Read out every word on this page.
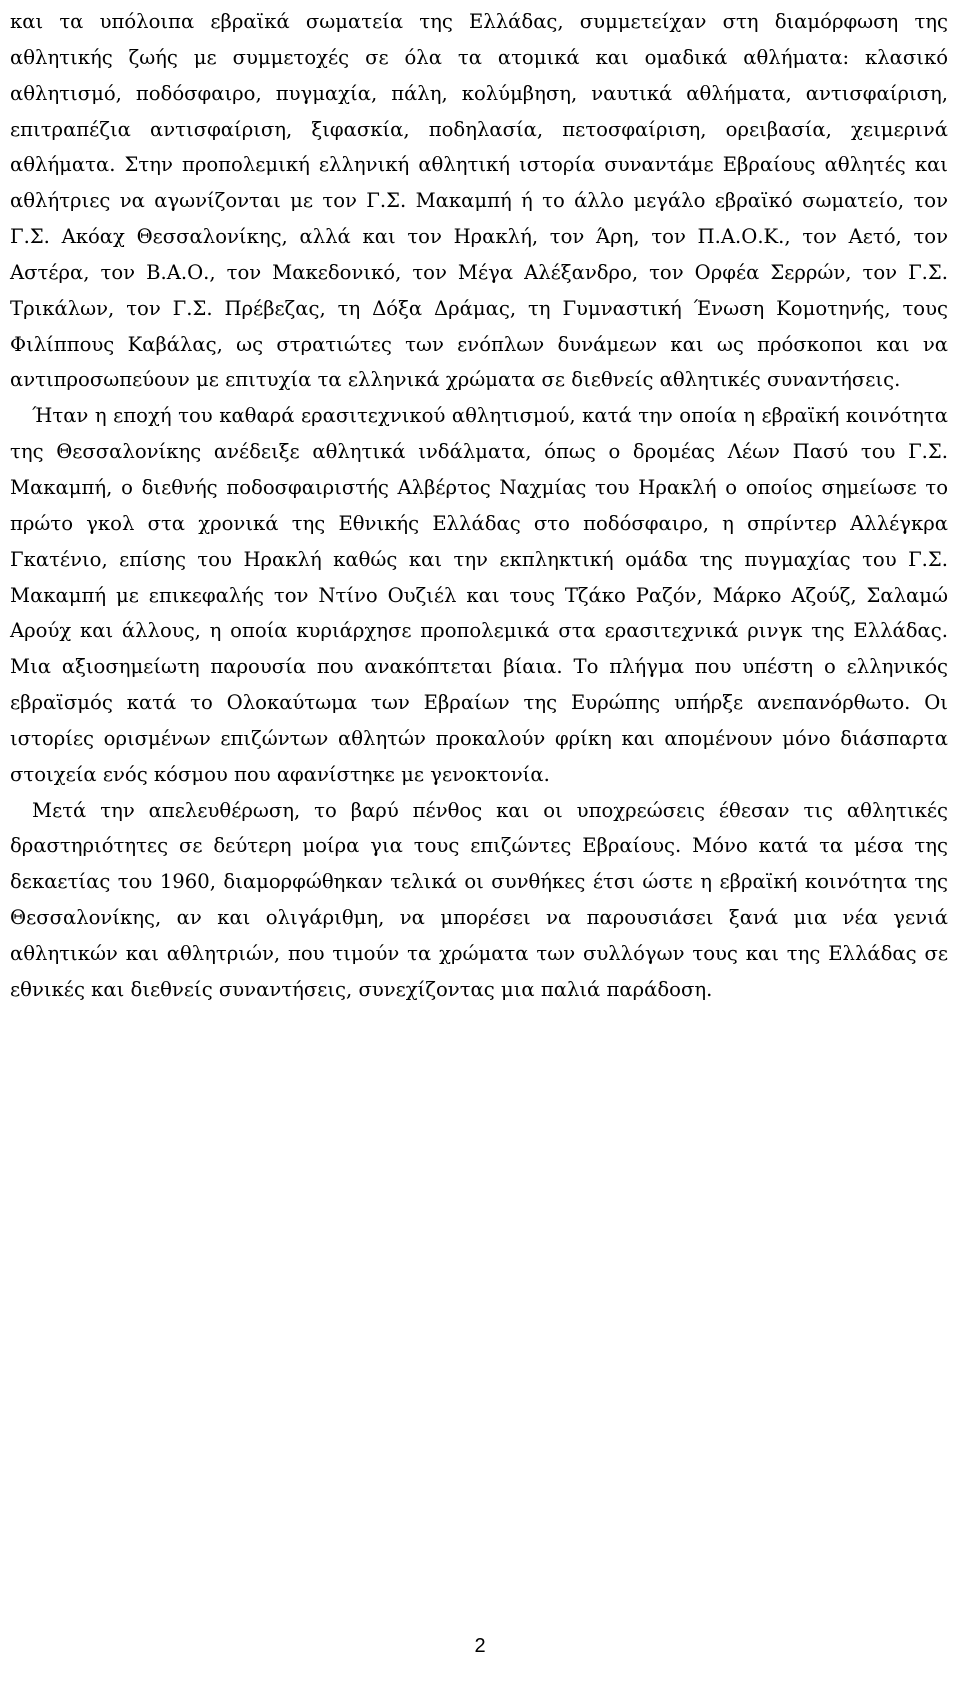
και τα υπόλοιπα εβραϊκά σωματεία της Ελλάδας, συμμετείχαν στη διαμόρφωση της αθλητικής ζωής με συμμετοχές σε όλα τα ατομικά και ομαδικά αθλήματα: κλασικό αθλητισμό, ποδόσφαιρο, πυγμαχία, πάλη, κολύμβηση, ναυτικά αθλήματα, αντισφαίριση, επιτραπέζια αντισφαίριση, ξιφασκία, ποδηλασία, πετοσφαίριση, ορειβασία, χειμερινά αθλήματα. Στην προπολεμική ελληνική αθλητική ιστορία συναντάμε Εβραίους αθλητές και αθλήτριες να αγωνίζονται με τον Γ.Σ. Μακαμπή ή το άλλο μεγάλο εβραϊκό σωματείο, τον Γ.Σ. Ακόαχ Θεσσαλονίκης, αλλά και τον Ηρακλή, τον Άρη, τον Π.Α.Ο.Κ., τον Αετό, τον Αστέρα, τον Β.Α.Ο., τον Μακεδονικό, τον Μέγα Αλέξανδρο, τον Ορφέα Σερρών, τον Γ.Σ. Τρικάλων, τον Γ.Σ. Πρέβεζας, τη Δόξα Δράμας, τη Γυμναστική Ένωση Κομοτηνής, τους Φιλίππους Καβάλας, ως στρατιώτες των ενόπλων δυνάμεων και ως πρόσκοποι και να αντιπροσωπεύουν με επιτυχία τα ελληνικά χρώματα σε διεθνείς αθλητικές συναντήσεις.

Ήταν η εποχή του καθαρά ερασιτεχνικού αθλητισμού, κατά την οποία η εβραϊκή κοινότητα της Θεσσαλονίκης ανέδειξε αθλητικά ινδάλματα, όπως ο δρομέας Λέων Πασύ του Γ.Σ. Μακαμπή, ο διεθνής ποδοσφαιριστής Αλβέρτος Ναχμίας του Ηρακλή ο οποίος σημείωσε το πρώτο γκολ στα χρονικά της Εθνικής Ελλάδας στο ποδόσφαιρο, η σπρίντερ Αλλέγκρα Γκατένιο, επίσης του Ηρακλή καθώς και την εκπληκτική ομάδα της πυγμαχίας του Γ.Σ. Μακαμπή με επικεφαλής τον Ντίνο Ουζιέλ και τους Τζάκο Ραζόν, Μάρκο Αζούζ, Σαλαμώ Αρούχ και άλλους, η οποία κυριάρχησε προπολεμικά στα ερασιτεχνικά ρινγκ της Ελλάδας. Μια αξιοσημείωτη παρουσία που ανακόπτεται βίαια. Το πλήγμα που υπέστη ο ελληνικός εβραϊσμός κατά το Ολοκαύτωμα των Εβραίων της Ευρώπης υπήρξε ανεπανόρθωτο. Οι ιστορίες ορισμένων επιζώντων αθλητών προκαλούν φρίκη και απομένουν μόνο διάσπαρτα στοιχεία ενός κόσμου που αφανίστηκε με γενοκτονία.

Μετά την απελευθέρωση, το βαρύ πένθος και οι υποχρεώσεις έθεσαν τις αθλητικές δραστηριότητες σε δεύτερη μοίρα για τους επιζώντες Εβραίους. Μόνο κατά τα μέσα της δεκαετίας του 1960, διαμορφώθηκαν τελικά οι συνθήκες έτσι ώστε η εβραϊκή κοινότητα της Θεσσαλονίκης, αν και ολιγάριθμη, να μπορέσει να παρουσιάσει ξανά μια νέα γενιά αθλητικών και αθλητριών, που τιμούν τα χρώματα των συλλόγων τους και της Ελλάδας σε εθνικές και διεθνείς συναντήσεις, συνεχίζοντας μια παλιά παράδοση.

2
